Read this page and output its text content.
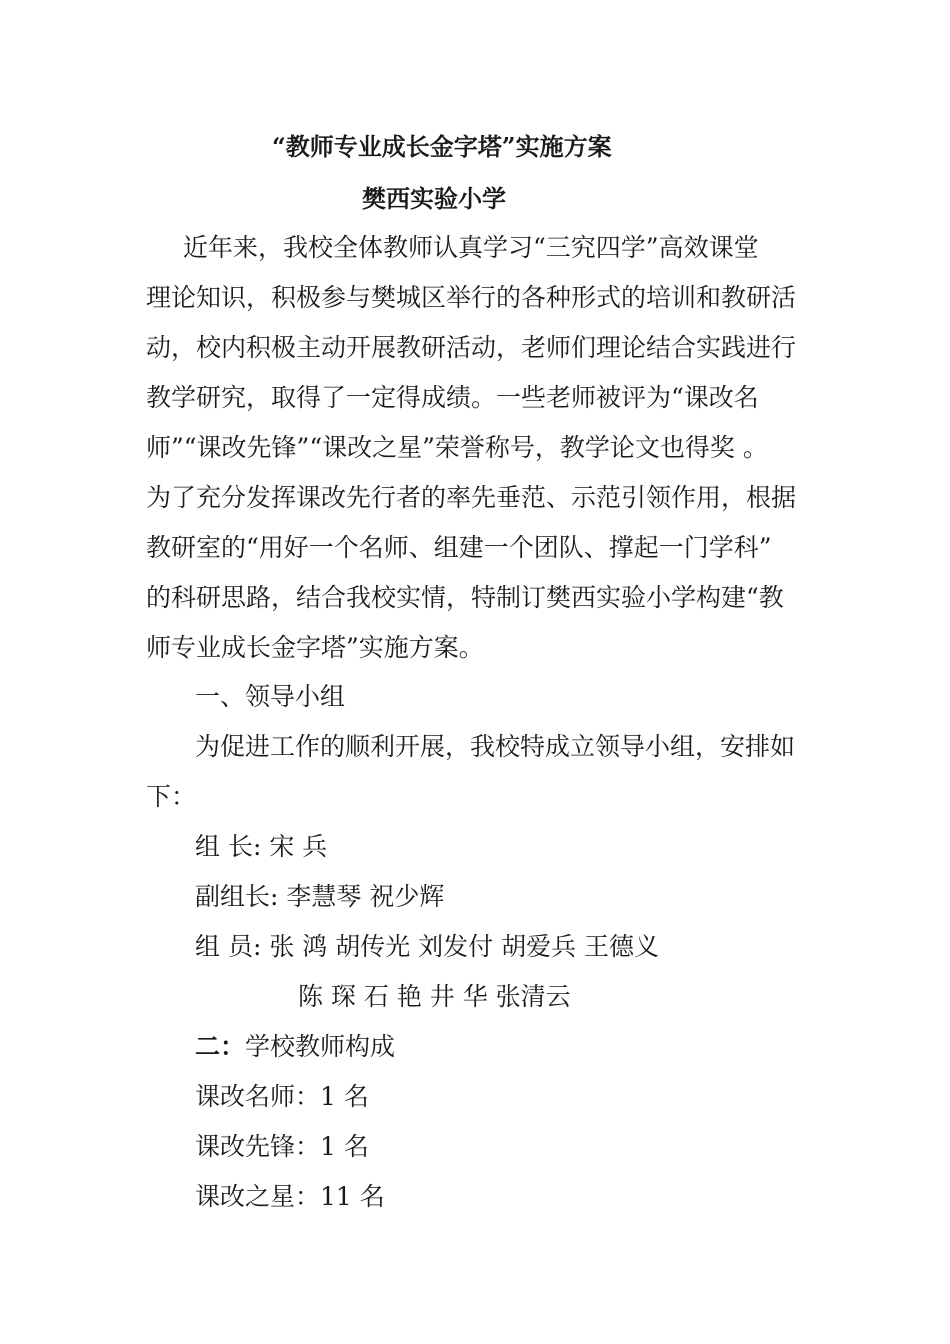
“教师专业成长金字塔”实施方案
樊西实验小学
近年来，我校全体教师认真学习“三究四学”高效课堂
理论知识，积极参与樊城区举行的各种形式的培训和教研活
动，校内积极主动开展教研活动，老师们理论结合实践进行
教学研究，取得了一定得成绩。一些老师被评为“课改名
师”“课改先锋”“课改之星”荣誉称号，教学论文也得奖 。
为了充分发挥课改先行者的率先垂范、示范引领作用，根据
教研室的“用好一个名师、组建一个团队、撑起一门学科”
的科研思路，结合我校实情，特制订樊西实验小学构建“教
师专业成长金字塔”实施方案。
一、领导小组
为促进工作的顺利开展，我校特成立领导小组，安排如
下：
组 长: 宋 兵
副组长: 李慧琴 祝少辉
组 员: 张 鸿 胡传光 刘发付 胡爱兵 王德义
陈 琛 石 艳 井 华 张清云
二：学校教师构成
课改名师：1 名
课改先锋：1 名
课改之星：11 名
